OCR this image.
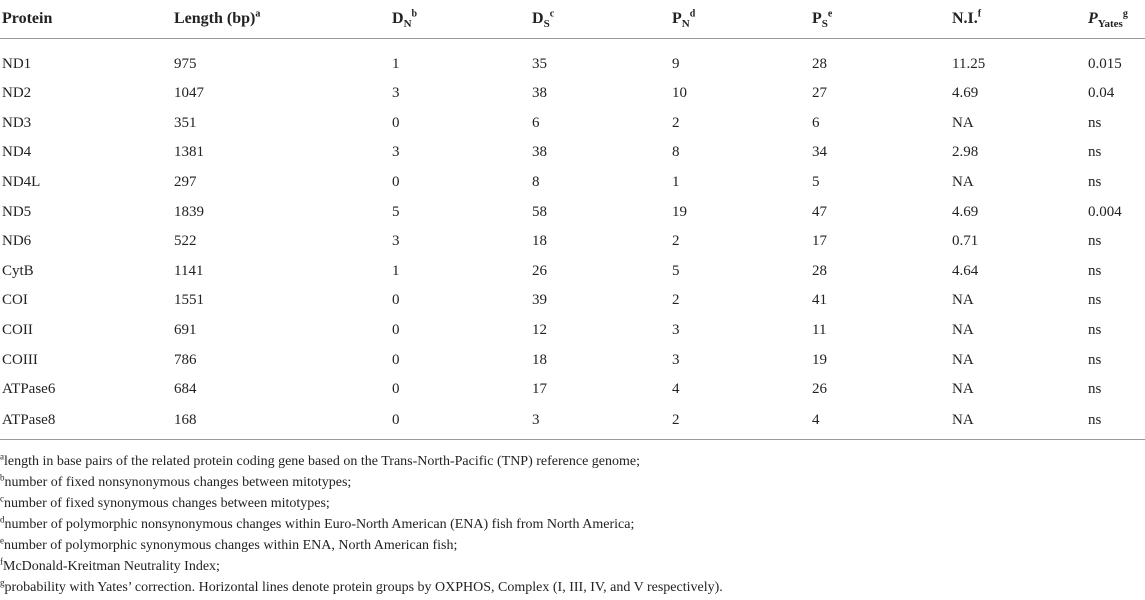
Protein	Length (bp)$^a$	$D_N^b$	$D_S^c$	$P_N^d$	$P_S^e$	N.I.$^f$	$P_{Yates}^g$
ND1	975	1	35	9	28	11.25	0.015
ND2	1047	3	38	10	27	4.69	0.04
ND3	351	0	6	2	6	NA	ns
ND4	1381	3	38	8	34	2.98	ns
ND4L	297	0	8	1	5	NA	ns
ND5	1839	5	58	19	47	4.69	0.004
ND6	522	3	18	2	17	0.71	ns
CytB	1141	1	26	5	28	4.64	ns
COI	1551	0	39	2	41	NA	ns
COII	691	0	12	3	11	NA	ns
COIII	786	0	18	3	19	NA	ns
ATPase6	684	0	17	4	26	NA	ns
ATPase8	168	0	3	2	4	NA	ns
$^a$length in base pairs of the related protein coding gene based on the Trans-North-Pacific (TNP) reference genome;
$^b$number of fixed nonsynonymous changes between mitotypes;
$^c$number of fixed synonymous changes between mitotypes;
$^d$number of polymorphic nonsynonymous changes within Euro-North American (ENA) fish from North America;
$^e$number of polymorphic synonymous changes within ENA, North American fish;
$^f$McDonald-Kreitman Neutrality Index;
$^g$probability with Yates’ correction. Horizontal lines denote protein groups by OXPHOS, Complex (I, III, IV, and V respectively).
